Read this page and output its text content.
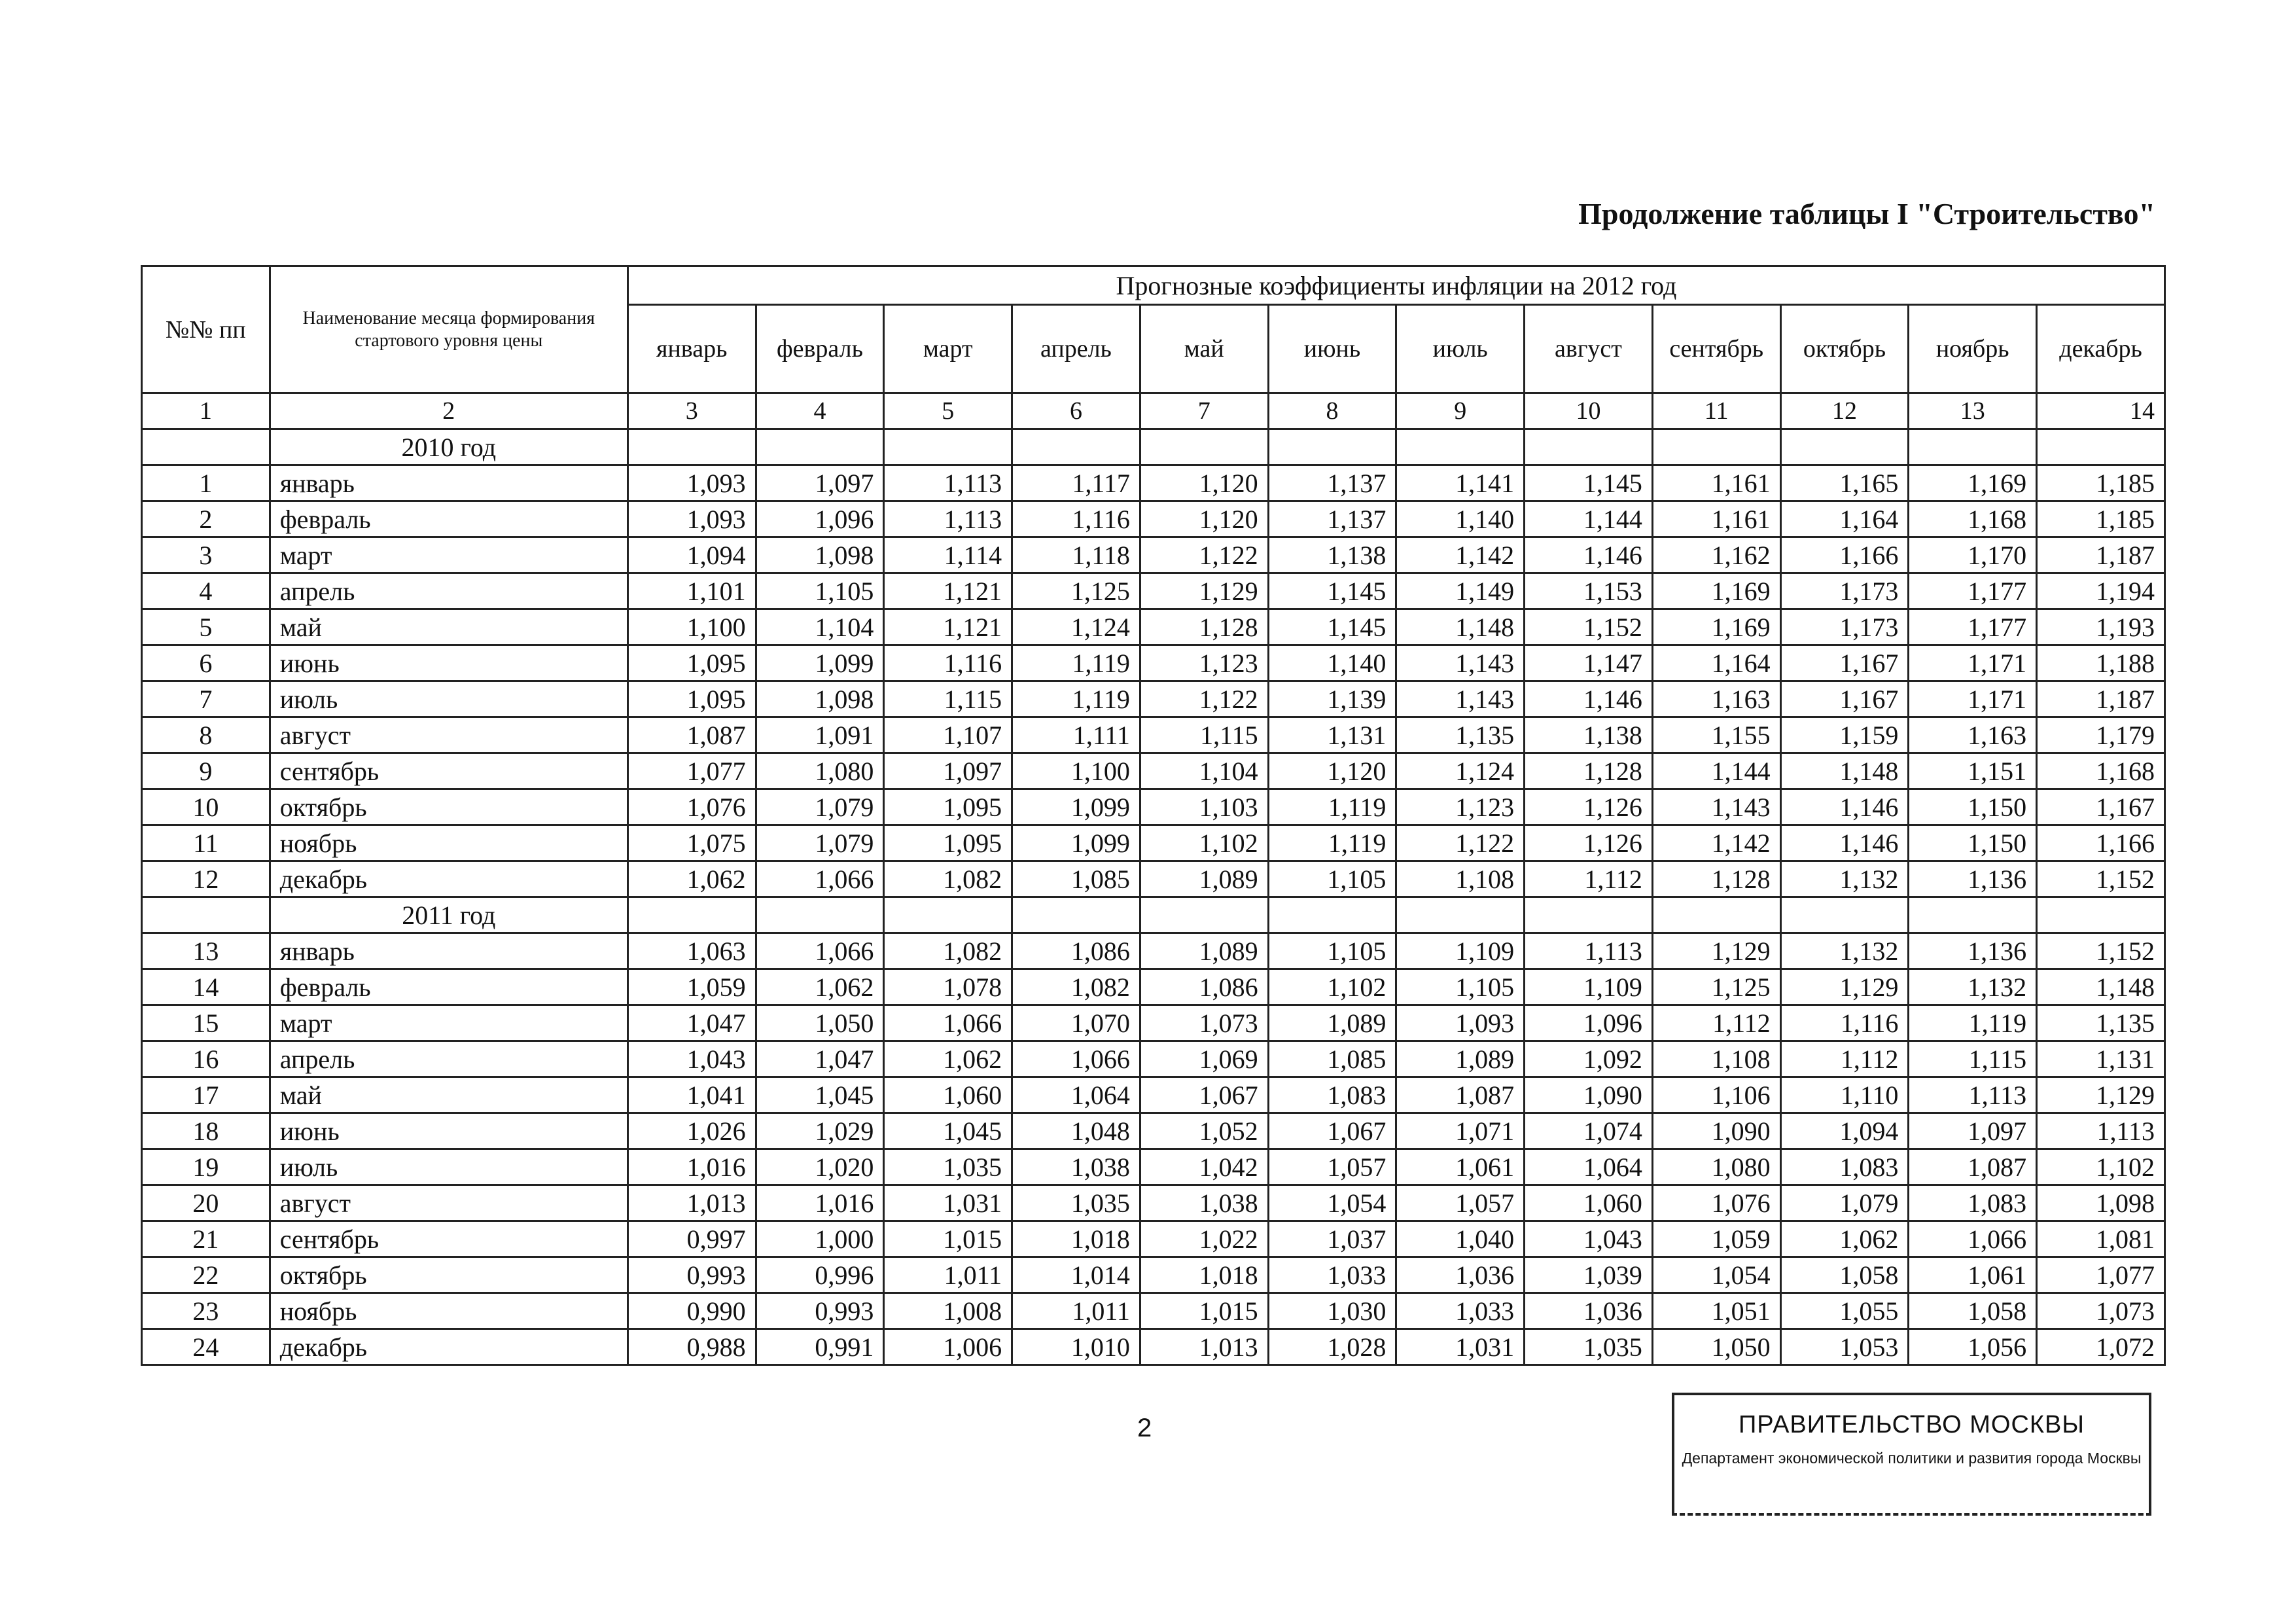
Продолжение таблицы I "Строительство"
№№ пп	Наименование месяца формирования стартового уровня цены	Прогнозные коэффициенты инфляции на 2012 год											
		январь	февраль	март	апрель	май	июнь	июль	август	сентябрь	октябрь	ноябрь	декабрь
1	2	3	4	5	6	7	8	9	10	11	12	13	14
	2010 год												
1	январь	1,093	1,097	1,113	1,117	1,120	1,137	1,141	1,145	1,161	1,165	1,169	1,185
2	февраль	1,093	1,096	1,113	1,116	1,120	1,137	1,140	1,144	1,161	1,164	1,168	1,185
3	март	1,094	1,098	1,114	1,118	1,122	1,138	1,142	1,146	1,162	1,166	1,170	1,187
4	апрель	1,101	1,105	1,121	1,125	1,129	1,145	1,149	1,153	1,169	1,173	1,177	1,194
5	май	1,100	1,104	1,121	1,124	1,128	1,145	1,148	1,152	1,169	1,173	1,177	1,193
6	июнь	1,095	1,099	1,116	1,119	1,123	1,140	1,143	1,147	1,164	1,167	1,171	1,188
7	июль	1,095	1,098	1,115	1,119	1,122	1,139	1,143	1,146	1,163	1,167	1,171	1,187
8	август	1,087	1,091	1,107	1,111	1,115	1,131	1,135	1,138	1,155	1,159	1,163	1,179
9	сентябрь	1,077	1,080	1,097	1,100	1,104	1,120	1,124	1,128	1,144	1,148	1,151	1,168
10	октябрь	1,076	1,079	1,095	1,099	1,103	1,119	1,123	1,126	1,143	1,146	1,150	1,167
11	ноябрь	1,075	1,079	1,095	1,099	1,102	1,119	1,122	1,126	1,142	1,146	1,150	1,166
12	декабрь	1,062	1,066	1,082	1,085	1,089	1,105	1,108	1,112	1,128	1,132	1,136	1,152
	2011 год												
13	январь	1,063	1,066	1,082	1,086	1,089	1,105	1,109	1,113	1,129	1,132	1,136	1,152
14	февраль	1,059	1,062	1,078	1,082	1,086	1,102	1,105	1,109	1,125	1,129	1,132	1,148
15	март	1,047	1,050	1,066	1,070	1,073	1,089	1,093	1,096	1,112	1,116	1,119	1,135
16	апрель	1,043	1,047	1,062	1,066	1,069	1,085	1,089	1,092	1,108	1,112	1,115	1,131
17	май	1,041	1,045	1,060	1,064	1,067	1,083	1,087	1,090	1,106	1,110	1,113	1,129
18	июнь	1,026	1,029	1,045	1,048	1,052	1,067	1,071	1,074	1,090	1,094	1,097	1,113
19	июль	1,016	1,020	1,035	1,038	1,042	1,057	1,061	1,064	1,080	1,083	1,087	1,102
20	август	1,013	1,016	1,031	1,035	1,038	1,054	1,057	1,060	1,076	1,079	1,083	1,098
21	сентябрь	0,997	1,000	1,015	1,018	1,022	1,037	1,040	1,043	1,059	1,062	1,066	1,081
22	октябрь	0,993	0,996	1,011	1,014	1,018	1,033	1,036	1,039	1,054	1,058	1,061	1,077
23	ноябрь	0,990	0,993	1,008	1,011	1,015	1,030	1,033	1,036	1,051	1,055	1,058	1,073
24	декабрь	0,988	0,991	1,006	1,010	1,013	1,028	1,031	1,035	1,050	1,053	1,056	1,072
2	ПРАВИТЕЛЬСТВО МОСКВЫ
Департамент экономической политики и развития города Москвы
